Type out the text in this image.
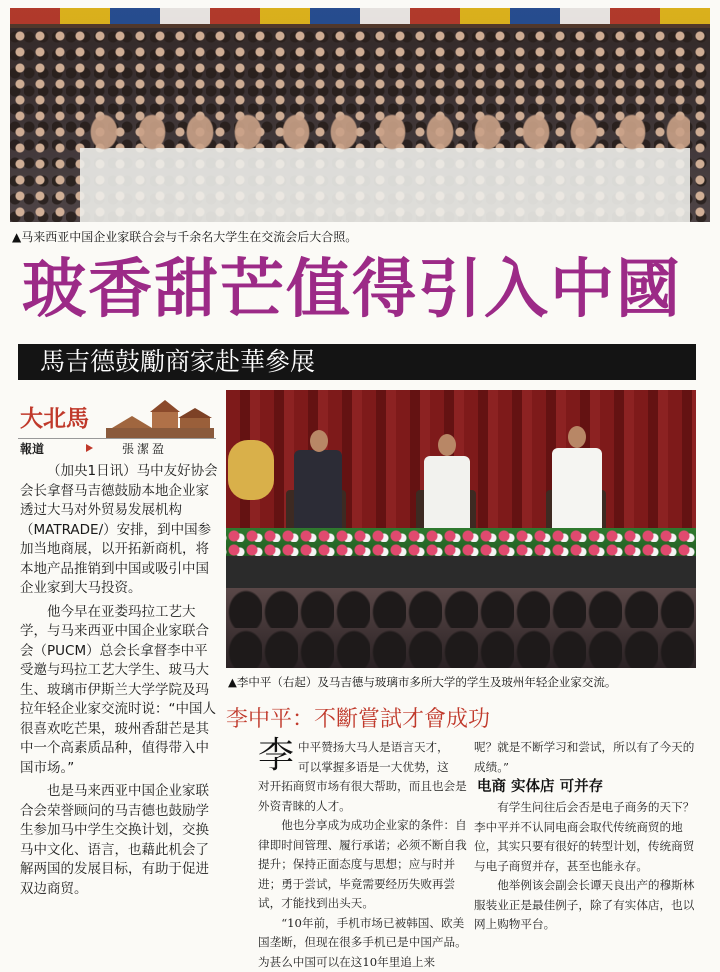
▲马来西亚中国企业家联合会与千余名大学生在交流会后大合照。
玻香甜芒值得引入中國
馬吉德鼓勵商家赴華參展
大北馬
報道	張潔盈
（加央1日讯）马中友好协会会长拿督马吉德鼓励本地企业家透过大马对外贸易发展机构（MATRADE/）安排，到中国参加当地商展，以开拓新商机，将本地产品推销到中国或吸引中国企业家到大马投资。
他今早在亚娄玛拉工艺大学，与马来西亚中国企业家联合会（PUCM）总会长拿督李中平受邀与玛拉工艺大学生、玻马大生、玻璃市伊斯兰大学学院及玛拉年轻企业家交流时说：“中国人很喜欢吃芒果，玻州香甜芒是其中一个高素质品种，值得带入中国市场。”
也是马来西亚中国企业家联合会荣誉顾问的马吉德也鼓励学生参加马中学生交换计划，交换马中文化、语言，也藉此机会了解两国的发展目标，有助于促进双边商贸。
▲李中平（右起）及马吉德与玻璃市多所大学的学生及玻州年轻企业家交流。
李中平：不斷嘗試才會成功
李 中平赞扬大马人是语言天才，
可以掌握多语是一大优势，这
对开拓商贸市场有很大帮助，而且也会是外资青睐的人才。
他也分享成为成功企业家的条件：自律即时间管理、履行承诺；必须不断自我提升；保持正面态度与思想；应与时并进；勇于尝试，毕竟需要经历失败再尝试，才能找到出头天。
“10年前，手机市场已被韩国、欧美国垄断，但现在很多手机已是中国产品。为甚么中国可以在这10年里追上来
呢？就是不断学习和尝试，所以有了今天的成绩。”
电商 实体店 可并存
有学生问往后会否是电子商务的天下？李中平并不认同电商会取代传统商贸的地位，其实只要有很好的转型计划，传统商贸与电子商贸并存，甚至也能永存。
他举例该会副会长谭天良出产的穆斯林服装业正是最佳例子，除了有实体店，也以网上购物平台。
